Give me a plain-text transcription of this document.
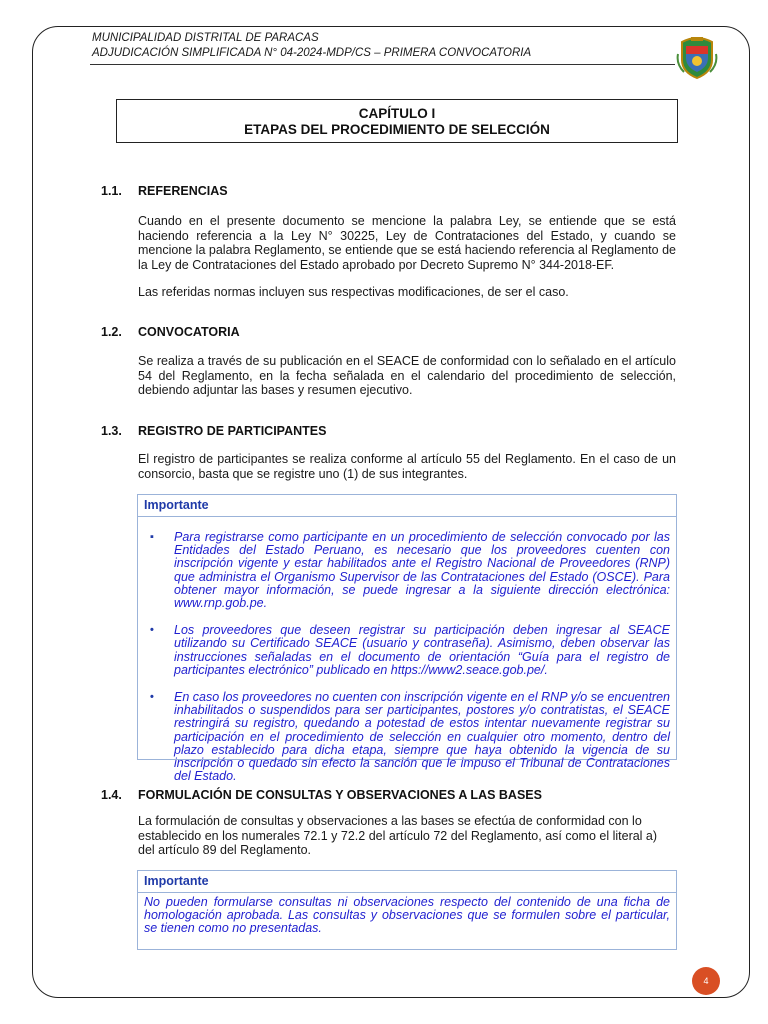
MUNICIPALIDAD DISTRITAL DE PARACAS
ADJUDICACIÓN SIMPLIFICADA N° 04-2024-MDP/CS – PRIMERA CONVOCATORIA
CAPÍTULO I
ETAPAS DEL PROCEDIMIENTO DE SELECCIÓN
1.1. REFERENCIAS
Cuando en el presente documento se mencione la palabra Ley, se entiende que se está haciendo referencia a la Ley N° 30225, Ley de Contrataciones del Estado, y cuando se mencione la palabra Reglamento, se entiende que se está haciendo referencia al Reglamento de la Ley de Contrataciones del Estado aprobado por Decreto Supremo N° 344-2018-EF.
Las referidas normas incluyen sus respectivas modificaciones, de ser el caso.
1.2. CONVOCATORIA
Se realiza a través de su publicación en el SEACE de conformidad con lo señalado en el artículo 54 del Reglamento, en la fecha señalada en el calendario del procedimiento de selección, debiendo adjuntar las bases y resumen ejecutivo.
1.3. REGISTRO DE PARTICIPANTES
El registro de participantes se realiza conforme al artículo 55 del Reglamento. En el caso de un consorcio, basta que se registre uno (1) de sus integrantes.
Importante
▪ Para registrarse como participante en un procedimiento de selección convocado por las Entidades del Estado Peruano, es necesario que los proveedores cuenten con inscripción vigente y estar habilitados ante el Registro Nacional de Proveedores (RNP) que administra el Organismo Supervisor de las Contrataciones del Estado (OSCE). Para obtener mayor información, se puede ingresar a la siguiente dirección electrónica: www.rnp.gob.pe.
• Los proveedores que deseen registrar su participación deben ingresar al SEACE utilizando su Certificado SEACE (usuario y contraseña). Asimismo, deben observar las instrucciones señaladas en el documento de orientación “Guía para el registro de participantes electrónico” publicado en https://www2.seace.gob.pe/.
• En caso los proveedores no cuenten con inscripción vigente en el RNP y/o se encuentren inhabilitados o suspendidos para ser participantes, postores y/o contratistas, el SEACE restringirá su registro, quedando a potestad de estos intentar nuevamente registrar su participación en el procedimiento de selección en cualquier otro momento, dentro del plazo establecido para dicha etapa, siempre que haya obtenido la vigencia de su inscripción o quedado sin efecto la sanción que le impuso el Tribunal de Contrataciones del Estado.
1.4. FORMULACIÓN DE CONSULTAS Y OBSERVACIONES A LAS BASES
La formulación de consultas y observaciones a las bases se efectúa de conformidad con lo establecido en los numerales 72.1 y 72.2 del artículo 72 del Reglamento, así como el literal a) del artículo 89 del Reglamento.
Importante
No pueden formularse consultas ni observaciones respecto del contenido de una ficha de homologación aprobada. Las consultas y observaciones que se formulen sobre el particular, se tienen como no presentadas.
4
